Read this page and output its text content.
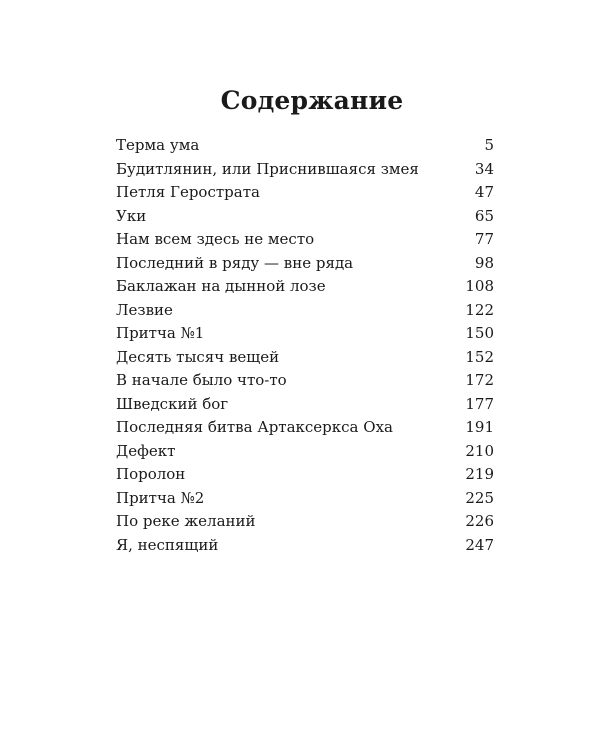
Содержание
Терма ума	5
Будитлянин, или Приснившаяся змея	34
Петля Герострата	47
Уки	65
Нам всем здесь не место	77
Последний в ряду — вне ряда	98
Баклажан на дынной лозе	108
Лезвие	122
Притча №1	150
Десять тысяч вещей	152
В начале было что-то	172
Шведский бог	177
Последняя битва Артаксеркса Оха	191
Дефект	210
Поролон	219
Притча №2	225
По реке желаний	226
Я, неспящий	247
